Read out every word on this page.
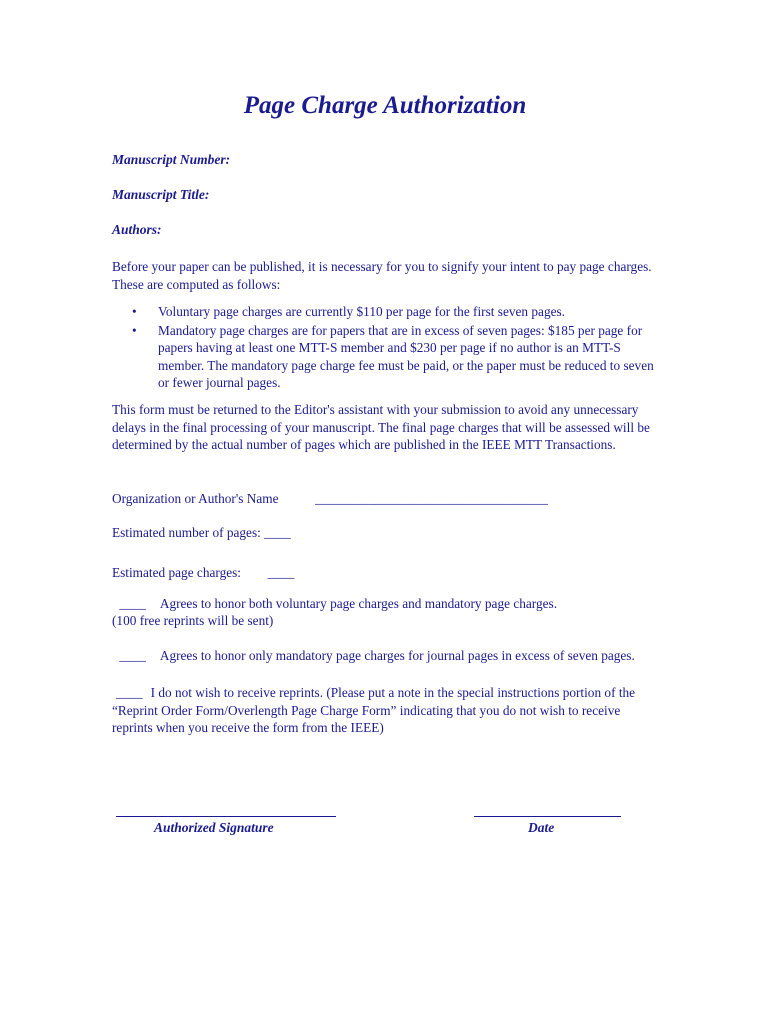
Page Charge Authorization
Manuscript Number:
Manuscript Title:
Authors:
Before your paper can be published, it is necessary for you to signify your intent to pay page charges. These are computed as follows:
• Voluntary page charges are currently $110 per page for the first seven pages.
• Mandatory page charges are for papers that are in excess of seven pages: $185 per page for papers having at least one MTT-S member and $230 per page if no author is an MTT-S member. The mandatory page charge fee must be paid, or the paper must be reduced to seven or fewer journal pages.
This form must be returned to the Editor's assistant with your submission to avoid any unnecessary delays in the final processing of your manuscript. The final page charges that will be assessed will be determined by the actual number of pages which are published in the IEEE MTT Transactions.
Organization or Author's Name	___________________________________
Estimated number of pages: ____
Estimated page charges: ____
____ Agrees to honor both voluntary page charges and mandatory page charges.
(100 free reprints will be sent)
____ Agrees to honor only mandatory page charges for journal pages in excess of seven pages.
____ I do not wish to receive reprints. (Please put a note in the special instructions portion of the “Reprint Order Form/Overlength Page Charge Form” indicating that you do not wish to receive reprints when you receive the form from the IEEE)
Authorized Signature	Date
